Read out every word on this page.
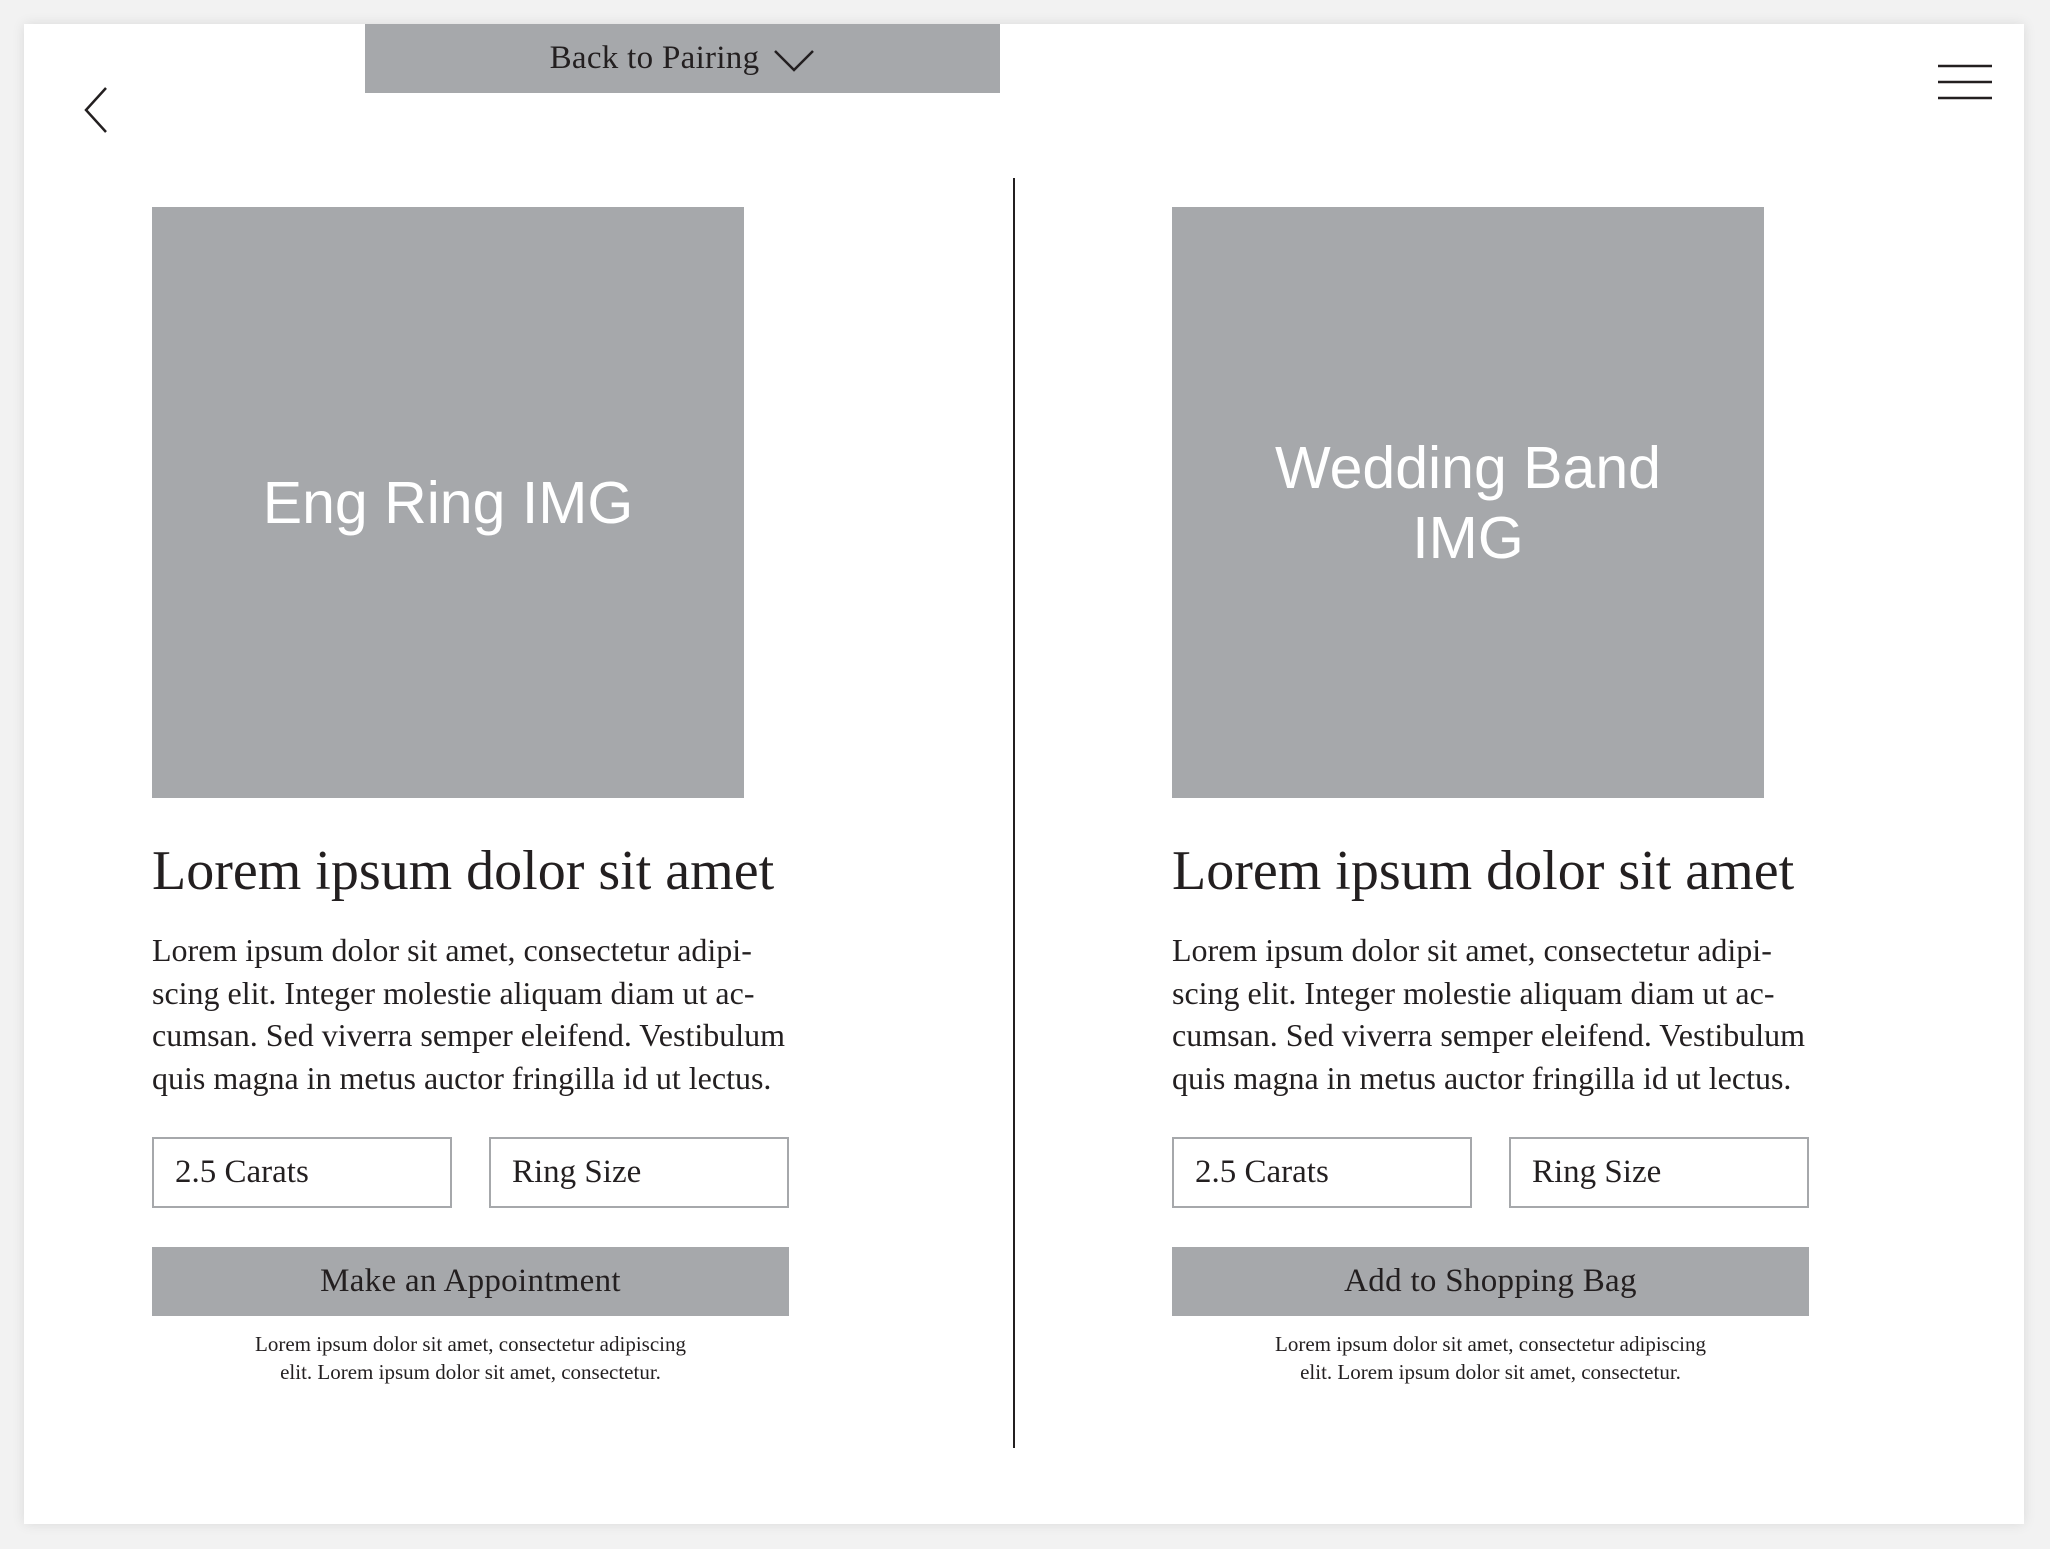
Back to Pairing
Eng Ring IMG
Lorem ipsum dolor sit amet

Lorem ipsum dolor sit amet, consectetur adipi-
scing elit. Integer molestie aliquam diam ut ac-
cumsan. Sed viverra semper eleifend. Vestibulum
quis magna in metus auctor fringilla id ut lectus.

2.5 Carats	Ring Size
Make an Appointment

Lorem ipsum dolor sit amet, consectetur adipiscing
elit. Lorem ipsum dolor sit amet, consectetur.

Wedding Band
IMG
Lorem ipsum dolor sit amet

Lorem ipsum dolor sit amet, consectetur adipi-
scing elit. Integer molestie aliquam diam ut ac-
cumsan. Sed viverra semper eleifend. Vestibulum
quis magna in metus auctor fringilla id ut lectus.

2.5 Carats	Ring Size
Add to Shopping Bag

Lorem ipsum dolor sit amet, consectetur adipiscing
elit. Lorem ipsum dolor sit amet, consectetur.
